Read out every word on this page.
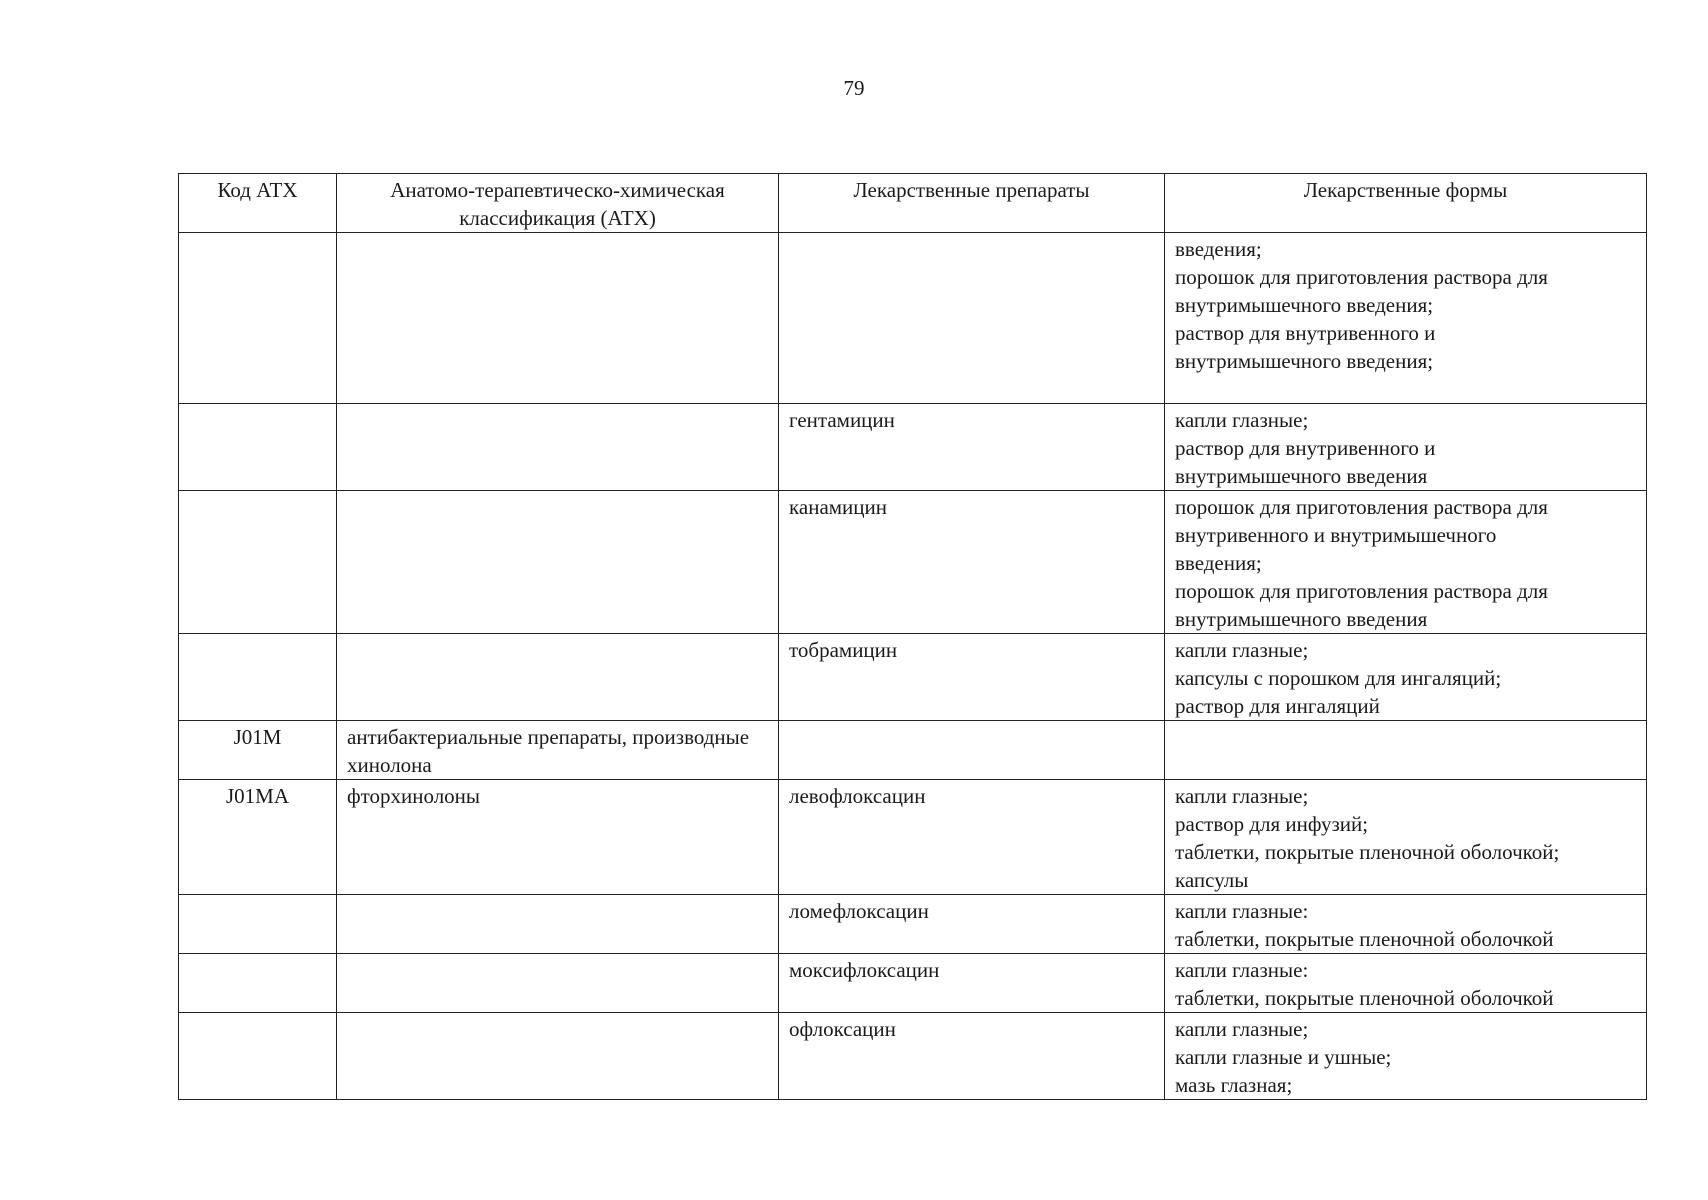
79
Код АТХ	Анатомо-терапевтическо-химическая классификация (АТХ)	Лекарственные препараты	Лекарственные формы

			введения;
порошок для приготовления раствора для
внутримышечного введения;
раствор для внутривенного и
внутримышечного введения;

		гентамицин	капли глазные;
раствор для внутривенного и
внутримышечного введения

		канамицин	порошок для приготовления раствора для
внутривенного и внутримышечного
введения;
порошок для приготовления раствора для
внутримышечного введения

		тобрамицин	капли глазные;
капсулы с порошком для ингаляций;
раствор для ингаляций

J01M	антибактериальные препараты, производные хинолона		
J01MA	фторхинолоны	левофлоксацин	капли глазные;
раствор для инфузий;
таблетки, покрытые пленочной оболочкой;
капсулы

		ломефлоксацин	капли глазные:
таблетки, покрытые пленочной оболочкой

		моксифлоксацин	капли глазные:
таблетки, покрытые пленочной оболочкой

		офлоксацин	капли глазные;
капли глазные и ушные;
мазь глазная;
